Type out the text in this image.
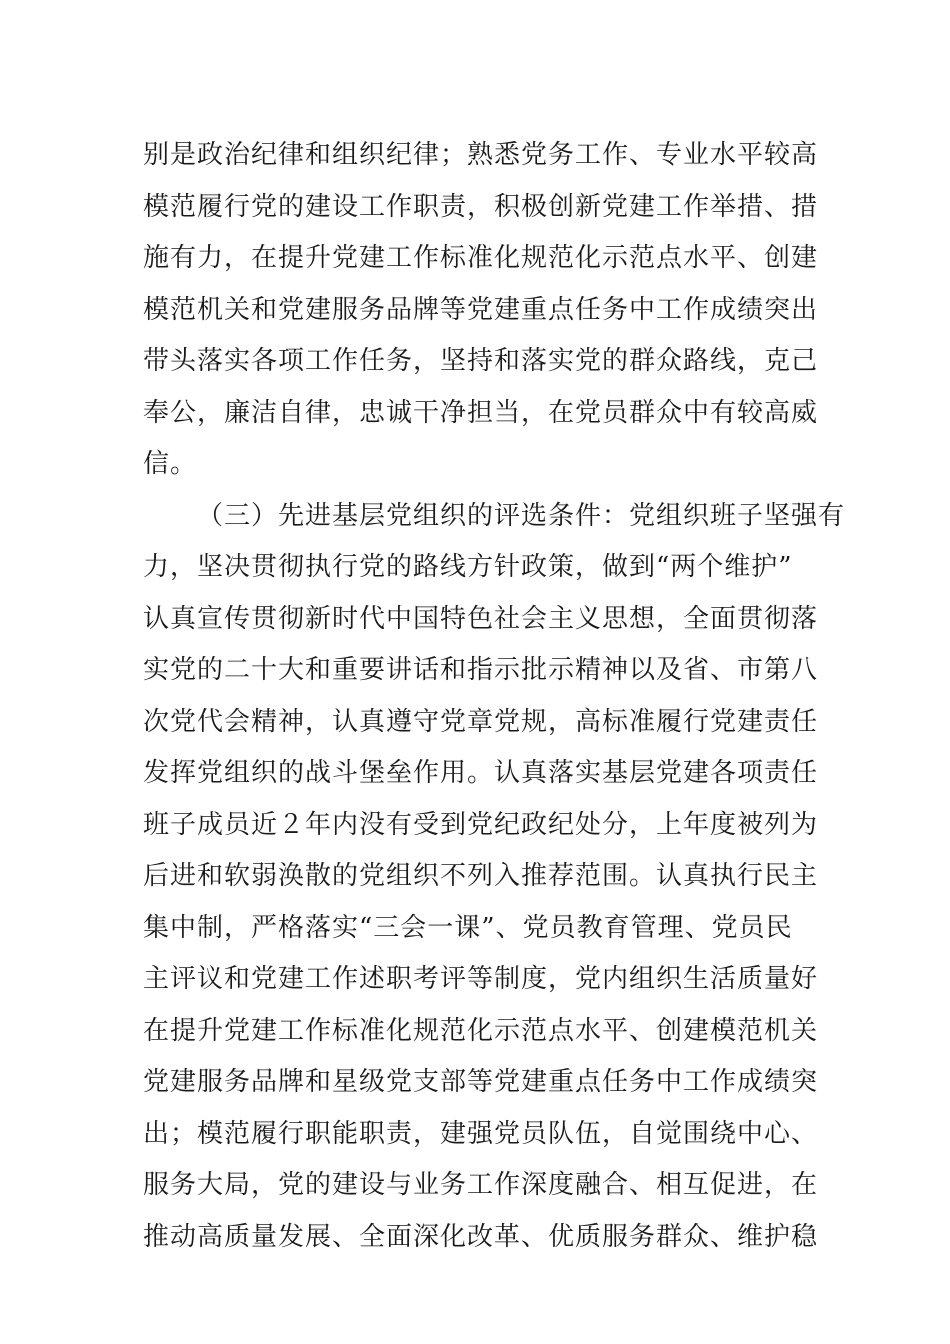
别是政治纪律和组织纪律；熟悉党务工作、专业水平较高
模范履行党的建设工作职责，积极创新党建工作举措、措
施有力，在提升党建工作标准化规范化示范点水平、创建
模范机关和党建服务品牌等党建重点任务中工作成绩突出
带头落实各项工作任务，坚持和落实党的群众路线，克己
奉公，廉洁自律，忠诚干净担当，在党员群众中有较高威
信。
（三）先进基层党组织的评选条件：党组织班子坚强有
力，坚决贯彻执行党的路线方针政策，做到“两个维护”
认真宣传贯彻新时代中国特色社会主义思想，全面贯彻落
实党的二十大和重要讲话和指示批示精神以及省、市第八
次党代会精神，认真遵守党章党规，高标准履行党建责任
发挥党组织的战斗堡垒作用。认真落实基层党建各项责任
班子成员近２年内没有受到党纪政纪处分，上年度被列为
后进和软弱涣散的党组织不列入推荐范围。认真执行民主
集中制，严格落实“三会一课”、党员教育管理、党员民
主评议和党建工作述职考评等制度，党内组织生活质量好
在提升党建工作标准化规范化示范点水平、创建模范机关
党建服务品牌和星级党支部等党建重点任务中工作成绩突
出；模范履行职能职责，建强党员队伍，自觉围绕中心、
服务大局，党的建设与业务工作深度融合、相互促进，在
推动高质量发展、全面深化改革、优质服务群众、维护稳
